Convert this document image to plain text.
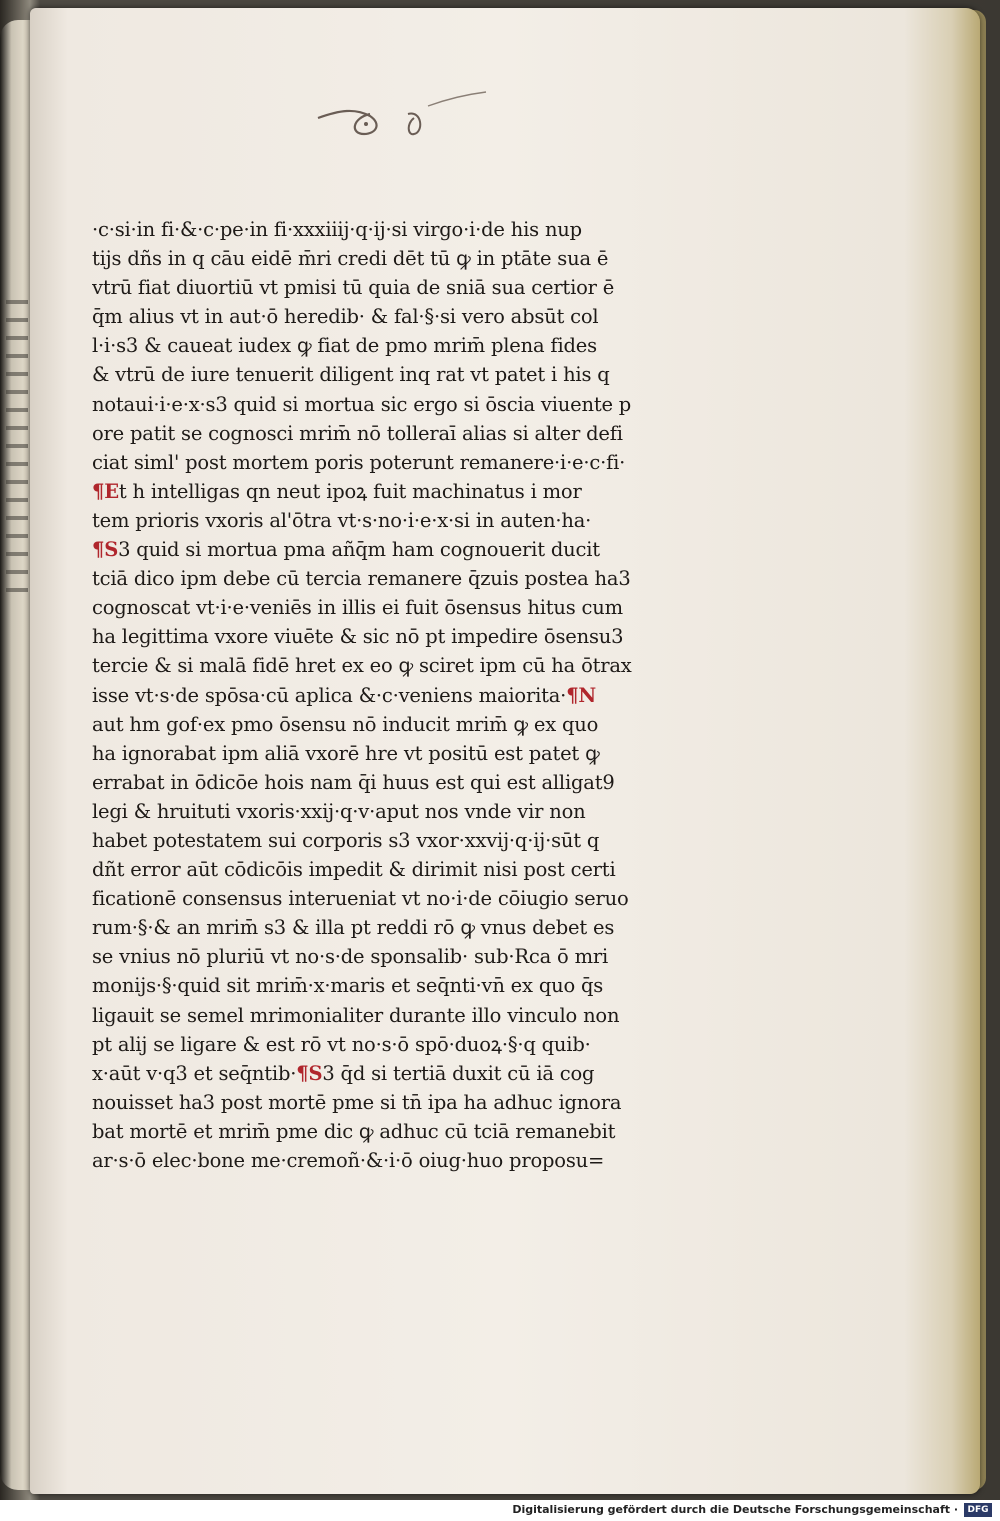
·c·si·in fi·&·c·pe·in fi·xxxiiij·q·ij·si virgo·i·de his nup
tijs dñs in q cāu eidē m̄ri credi dēt tū ꝙ in ptāte sua ē
vtrū fiat diuortiū vt pmisi tū quia de sniā sua certior ē
q̄m alius vt in aut·ō heredib· & fal·§·si vero absūt col
l·i·s3 & caueat iudex ꝙ fiat de pmo mrim̄ plena fides
& vtrū de iure tenuerit diligent inq rat vt patet i his q
notaui·i·e·x·s3 quid si mortua sic ergo si ōscia viuente p
ore patit se cognosci mrim̄ nō tolleraī alias si alter defi
ciat siml' post mortem poris poterunt remanere·i·e·c·fi·
¶Et h intelligas qn neut ipoꝝ fuit machinatus i mor
tem prioris vxoris al'ōtra vt·s·no·i·e·x·si in auten·ha·
¶S3 quid si mortua pma añq̄m ham cognouerit ducit
tciā dico ipm debe cū tercia remanere q̄zuis postea ha3
cognoscat vt·i·e·veniēs in illis ei fuit ōsensus hitus cum
ha legittima vxore viuēte & sic nō pt impedire ōsensu3
tercie & si malā fidē hret ex eo ꝙ sciret ipm cū ha ōtrax
isse vt·s·de spōsa·cū aplica &·c·veniens maiorita·¶N
aut hm gof·ex pmo ōsensu nō inducit mrim̄ ꝙ ex quo
ha ignorabat ipm aliā vxorē hre vt positū est patet ꝙ
errabat in ōdicōe hois nam q̄i huus est qui est alligat9
legi & hruituti vxoris·xxij·q·v·aput nos vnde vir non
habet potestatem sui corporis s3 vxor·xxvij·q·ij·sūt q
dñt error aūt cōdicōis impedit & dirimit nisi post certi
ficationē consensus interueniat vt no·i·de cōiugio seruo
rum·§·& an mrim̄ s3 & illa pt reddi rō ꝙ vnus debet es
se vnius nō pluriū vt no·s·de sponsalib· sub·Rca ō mri
monijs·§·quid sit mrim̄·x·maris et seq̄nti·vn̄ ex quo q̄s
ligauit se semel mrimonialiter durante illo vinculo non
pt alij se ligare & est rō vt no·s·ō spō·duoꝝ·§·q quib·
x·aūt v·q3 et seq̄ntib·¶S3 q̄d si tertiā duxit cū iā cog
nouisset ha3 post mortē pme si tn̄ ipa ha adhuc ignora
bat mortē et mrim̄ pme dic ꝙ adhuc cū tciā remanebit
ar·s·ō elec·bone me·cremoñ·&·i·ō oiug·huo proposu=
Digitalisierung gefördert durch die Deutsche Forschungsgemeinschaft ·	DFG
